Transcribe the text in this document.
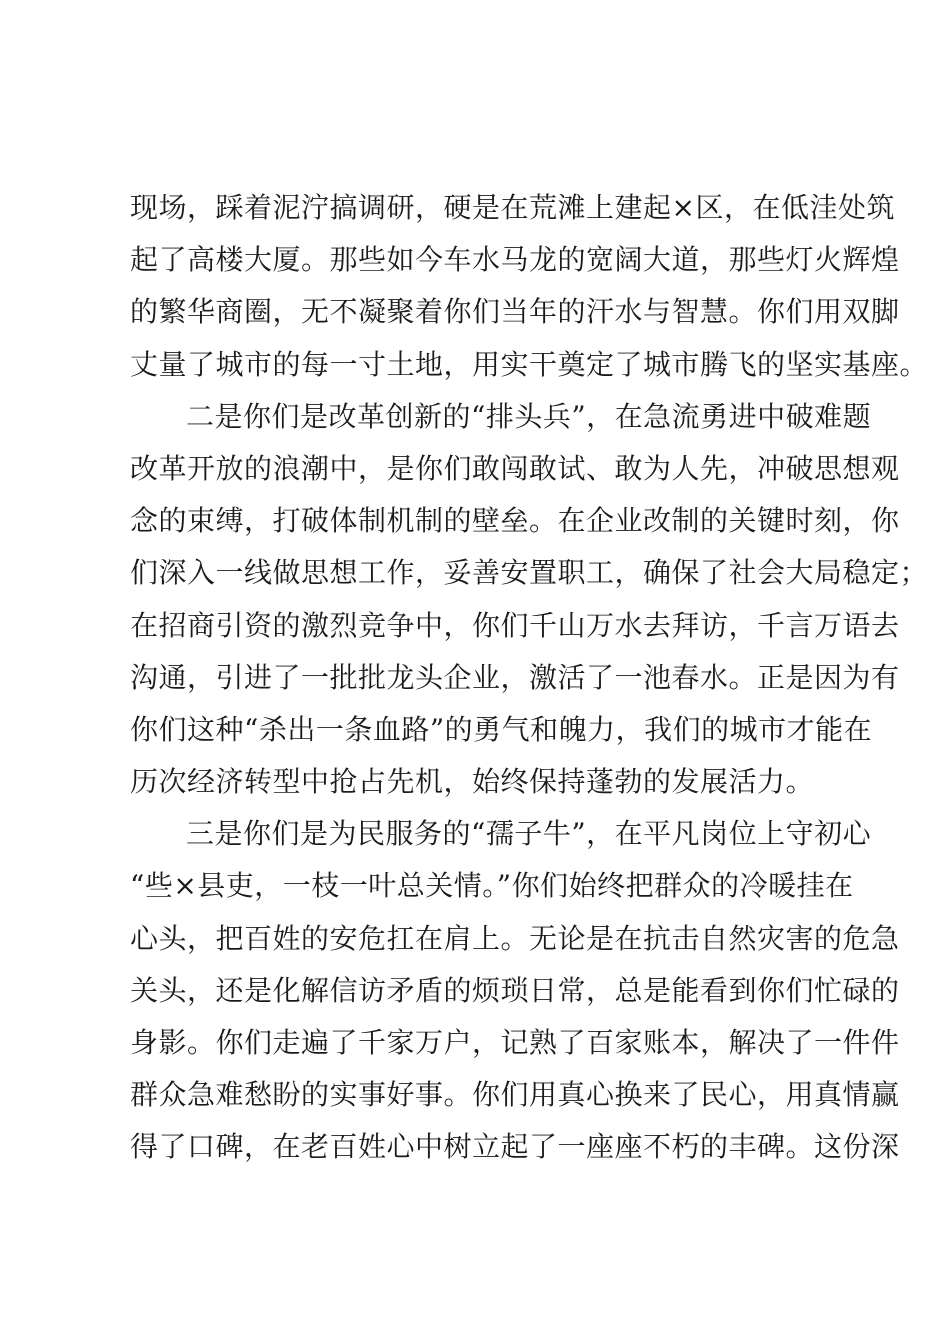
现场，踩着泥泞搞调研，硬是在荒滩上建起×区，在低洼处筑
起了高楼大厦。那些如今车水马龙的宽阔大道，那些灯火辉煌
的繁华商圈，无不凝聚着你们当年的汗水与智慧。你们用双脚
丈量了城市的每一寸土地，用实干奠定了城市腾飞的坚实基座。
二是你们是改革创新的“排头兵”，在急流勇进中破难题
改革开放的浪潮中，是你们敢闯敢试、敢为人先，冲破思想观
念的束缚，打破体制机制的壁垒。在企业改制的关键时刻，你
们深入一线做思想工作，妥善安置职工，确保了社会大局稳定；
在招商引资的激烈竞争中，你们千山万水去拜访，千言万语去
沟通，引进了一批批龙头企业，激活了一池春水。正是因为有
你们这种“杀出一条血路”的勇气和魄力，我们的城市才能在
历次经济转型中抢占先机，始终保持蓬勃的发展活力。
三是你们是为民服务的“孺子牛”，在平凡岗位上守初心
“些×县吏，一枝一叶总关情。”你们始终把群众的冷暖挂在
心头，把百姓的安危扛在肩上。无论是在抗击自然灾害的危急
关头，还是化解信访矛盾的烦琐日常，总是能看到你们忙碌的
身影。你们走遍了千家万户，记熟了百家账本，解决了一件件
群众急难愁盼的实事好事。你们用真心换来了民心，用真情赢
得了口碑，在老百姓心中树立起了一座座不朽的丰碑。这份深
